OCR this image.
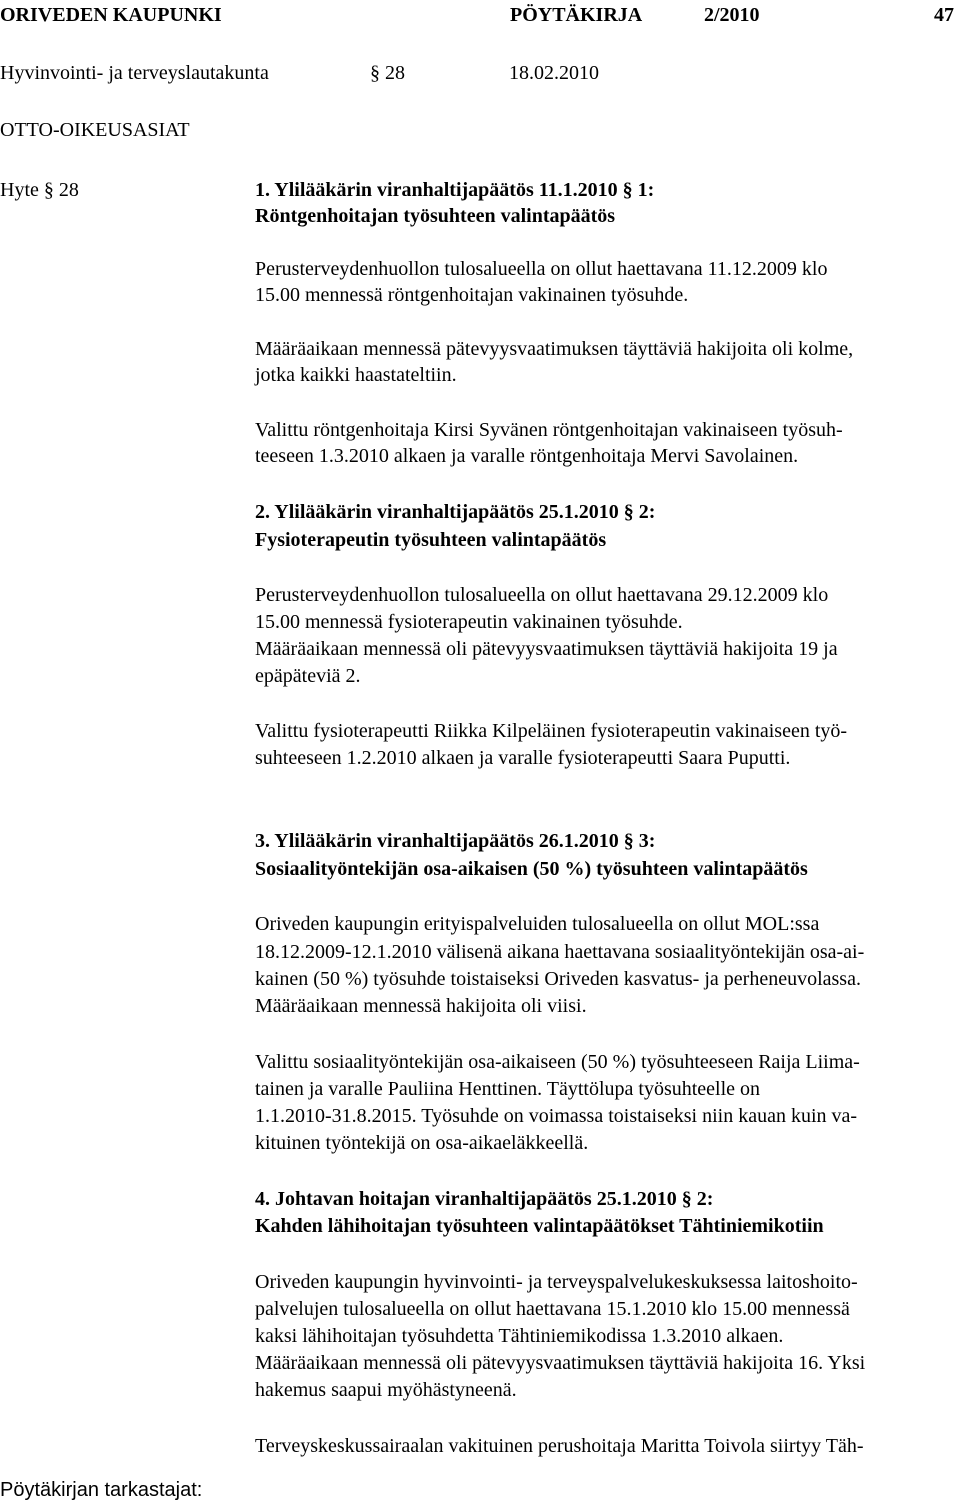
ORIVEDEN KAUPUNKI	PÖYTÄKIRJA	2/2010	47
Hyvinvointi- ja terveyslautakunta	§ 28	18.02.2010
OTTO-OIKEUSASIAT
Hyte § 28	1. Ylilääkärin viranhaltijapäätös 11.1.2010 § 1:
Röntgenhoitajan työsuhteen valintapäätös
Perusterveydenhuollon tulosalueella on ollut haettavana 11.12.2009 klo
15.00 mennessä röntgenhoitajan vakinainen työsuhde.
Määräaikaan mennessä pätevyysvaatimuksen täyttäviä hakijoita oli kolme,
jotka kaikki haastateltiin.
Valittu röntgenhoitaja Kirsi Syvänen röntgenhoitajan vakinaiseen työsuh-
teeseen 1.3.2010 alkaen ja varalle röntgenhoitaja Mervi Savolainen.
2. Ylilääkärin viranhaltijapäätös 25.1.2010 § 2:
Fysioterapeutin työsuhteen valintapäätös
Perusterveydenhuollon tulosalueella on ollut haettavana 29.12.2009 klo
15.00 mennessä fysioterapeutin vakinainen työsuhde.
Määräaikaan mennessä oli pätevyysvaatimuksen täyttäviä hakijoita 19 ja
epäpäteviä 2.
Valittu fysioterapeutti Riikka Kilpeläinen fysioterapeutin vakinaiseen työ-
suhteeseen 1.2.2010 alkaen ja varalle fysioterapeutti Saara Puputti.
3. Ylilääkärin viranhaltijapäätös 26.1.2010 § 3:
Sosiaalityöntekijän osa-aikaisen (50 %) työsuhteen valintapäätös
Oriveden kaupungin erityispalveluiden tulosalueella on ollut MOL:ssa
18.12.2009-12.1.2010 välisenä aikana haettavana sosiaalityöntekijän osa-ai-
kainen (50 %) työsuhde toistaiseksi Oriveden kasvatus- ja perheneuvolassa.
Määräaikaan mennessä hakijoita oli viisi.
Valittu sosiaalityöntekijän osa-aikaiseen (50 %) työsuhteeseen Raija Liima-
tainen ja varalle Pauliina Henttinen. Täyttölupa työsuhteelle on
1.1.2010-31.8.2015. Työsuhde on voimassa toistaiseksi niin kauan kuin va-
kituinen työntekijä on osa-aikaeläkkeellä.
4. Johtavan hoitajan viranhaltijapäätös 25.1.2010 § 2:
Kahden lähihoitajan työsuhteen valintapäätökset Tähtiniemikotiin
Oriveden kaupungin hyvinvointi- ja terveyspalvelukeskuksessa laitoshoito-
palvelujen tulosalueella on ollut haettavana 15.1.2010 klo 15.00 mennessä
kaksi lähihoitajan työsuhdetta Tähtiniemikodissa 1.3.2010 alkaen.
Määräaikaan mennessä oli pätevyysvaatimuksen täyttäviä hakijoita 16. Yksi
hakemus saapui myöhästyneenä.
Terveyskeskussairaalan vakituinen perushoitaja Maritta Toivola siirtyy Täh-
Pöytäkirjan tarkastajat:
